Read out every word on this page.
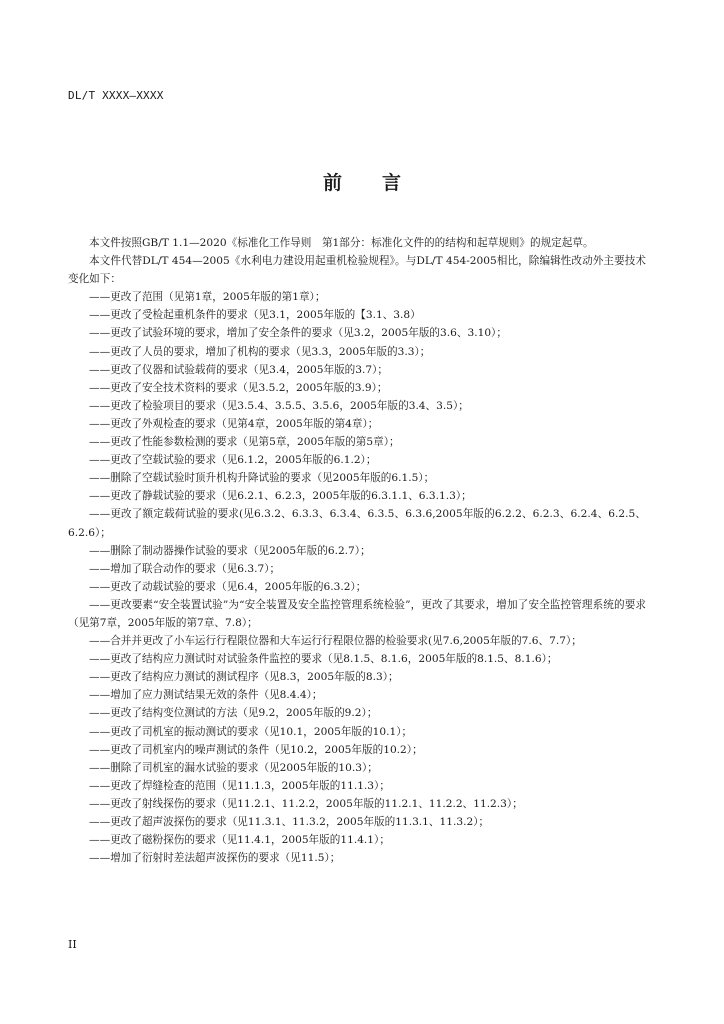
DL/T XXXX—XXXX
前言

本文件按照GB/T 1.1—2020《标准化工作导则　第1部分：标准化文件的的结构和起草规则》的规定起草。

本文件代替DL/T 454—2005《水利电力建设用起重机检验规程》。与DL/T 454-2005相比，除编辑性改动外主要技术变化如下：

——更改了范围（见第1章，2005年版的第1章）；

——更改了受检起重机条件的要求（见3.1，2005年版的【3.1、3.8）

——更改了试验环境的要求，增加了安全条件的要求（见3.2，2005年版的3.6、3.10）；

——更改了人员的要求，增加了机构的要求（见3.3，2005年版的3.3）；

——更改了仪器和试验载荷的要求（见3.4，2005年版的3.7）；

——更改了安全技术资料的要求（见3.5.2，2005年版的3.9）；

——更改了检验项目的要求（见3.5.4、3.5.5、3.5.6，2005年版的3.4、3.5）；

——更改了外观检查的要求（见第4章，2005年版的第4章）；

——更改了性能参数检测的要求（见第5章，2005年版的第5章）；

——更改了空载试验的要求（见6.1.2，2005年版的6.1.2）；

——删除了空载试验时顶升机构升降试验的要求（见2005年版的6.1.5）；

——更改了静载试验的要求（见6.2.1、6.2.3，2005年版的6.3.1.1、6.3.1.3）；

——更改了额定载荷试验的要求(见6.3.2、6.3.3、6.3.4、6.3.5、6.3.6,2005年版的6.2.2、6.2.3、6.2.4、6.2.5、6.2.6）；

——删除了制动器操作试验的要求（见2005年版的6.2.7）；

——增加了联合动作的要求（见6.3.7）；

——更改了动载试验的要求（见6.4，2005年版的6.3.2）；

——更改要素“安全装置试验”为“安全装置及安全监控管理系统检验”，更改了其要求，增加了安全监控管理系统的要求（见第7章，2005年版的第7章、7.8）；

——合并并更改了小车运行行程限位器和大车运行行程限位器的检验要求(见7.6,2005年版的7.6、7.7）；

——更改了结构应力测试时对试验条件监控的要求（见8.1.5、8.1.6，2005年版的8.1.5、8.1.6）；

——更改了结构应力测试的测试程序（见8.3，2005年版的8.3）；

——增加了应力测试结果无效的条件（见8.4.4）；

——更改了结构变位测试的方法（见9.2，2005年版的9.2）；

——更改了司机室的振动测试的要求（见10.1，2005年版的10.1）；

——更改了司机室内的噪声测试的条件（见10.2，2005年版的10.2）；

——删除了司机室的漏水试验的要求（见2005年版的10.3）；

——更改了焊缝检查的范围（见11.1.3，2005年版的11.1.3）；

——更改了射线探伤的要求（见11.2.1、11.2.2，2005年版的11.2.1、11.2.2、11.2.3）；

——更改了超声波探伤的要求（见11.3.1、11.3.2，2005年版的11.3.1、11.3.2）；

——更改了磁粉探伤的要求（见11.4.1，2005年版的11.4.1）；

——增加了衍射时差法超声波探伤的要求（见11.5）；

II
